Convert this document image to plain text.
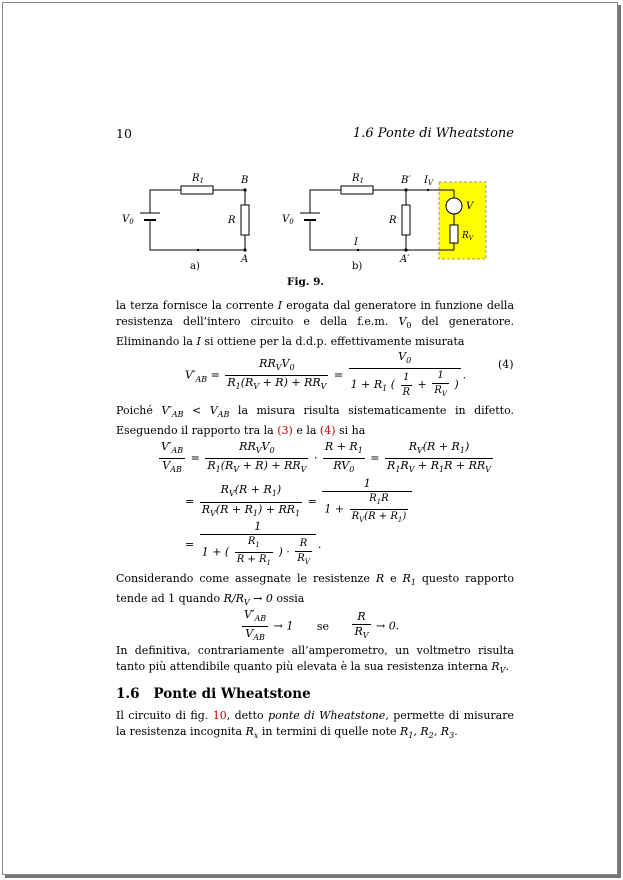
10	1.6 Ponte di Wheatstone
$R_1$	B
R
A
$V_0$
a)
$R_1$	B′ $I_V$
R
I
A′
V
$R_V$
$V_0$
b)
Fig. 9.
la terza fornisce la corrente I erogata dal generatore in funzione della resistenza dell’intero circuito e della f.e.m. $V_0$ del generatore. Eliminando la I si ottiene per la d.d.p. effettivamente misurata
$V'_{AB} = \frac{RR_VV_0}{R_1(R_V + R) + RR_V} = \frac{V_0}{1 + R_1 ( \frac{1}{R} + \frac{1}{R_V} )}$ .
(4)
Poiché $V'_{AB} < V_{AB}$ la misura risulta sistematicamente in difetto. Eseguendo il rapporto tra la (3) e la (4) si ha
$\frac{V'_{AB}}{V_{AB}} = \frac{RR_VV_0}{R_1(R_V + R) + RR_V} \cdot \frac{R + R_1}{RV_0} = \frac{R_V(R + R_1)}{R_1R_V + R_1R + RR_V}$
= $\frac{R_V(R + R_1)}{R_V(R + R_1) + RR_1} = \frac{1}{1 + \frac{R_1R}{R_V(R + R_1)}}$
= $\frac{1}{1 + ( \frac{R_1}{R + R_1} ) \cdot \frac{R}{R_V}}$ .
Considerando come assegnate le resistenze R e $R_1$ questo rapporto tende ad 1 quando $R/R_V \to 0$ ossia
$\frac{V'_{AB}}{V_{AB}} \to 1$ se $\frac{R}{R_V} \to 0$.
In definitiva, contrariamente all’amperometro, un voltmetro risulta tanto più attendibile quanto più elevata è la sua resistenza interna $R_V$.
1.6 Ponte di Wheatstone
Il circuito di fig. 10, detto ponte di Wheatstone, permette di misurare la resistenza incognita $R_x$ in termini di quelle note $R_1$, $R_2$, $R_3$.
